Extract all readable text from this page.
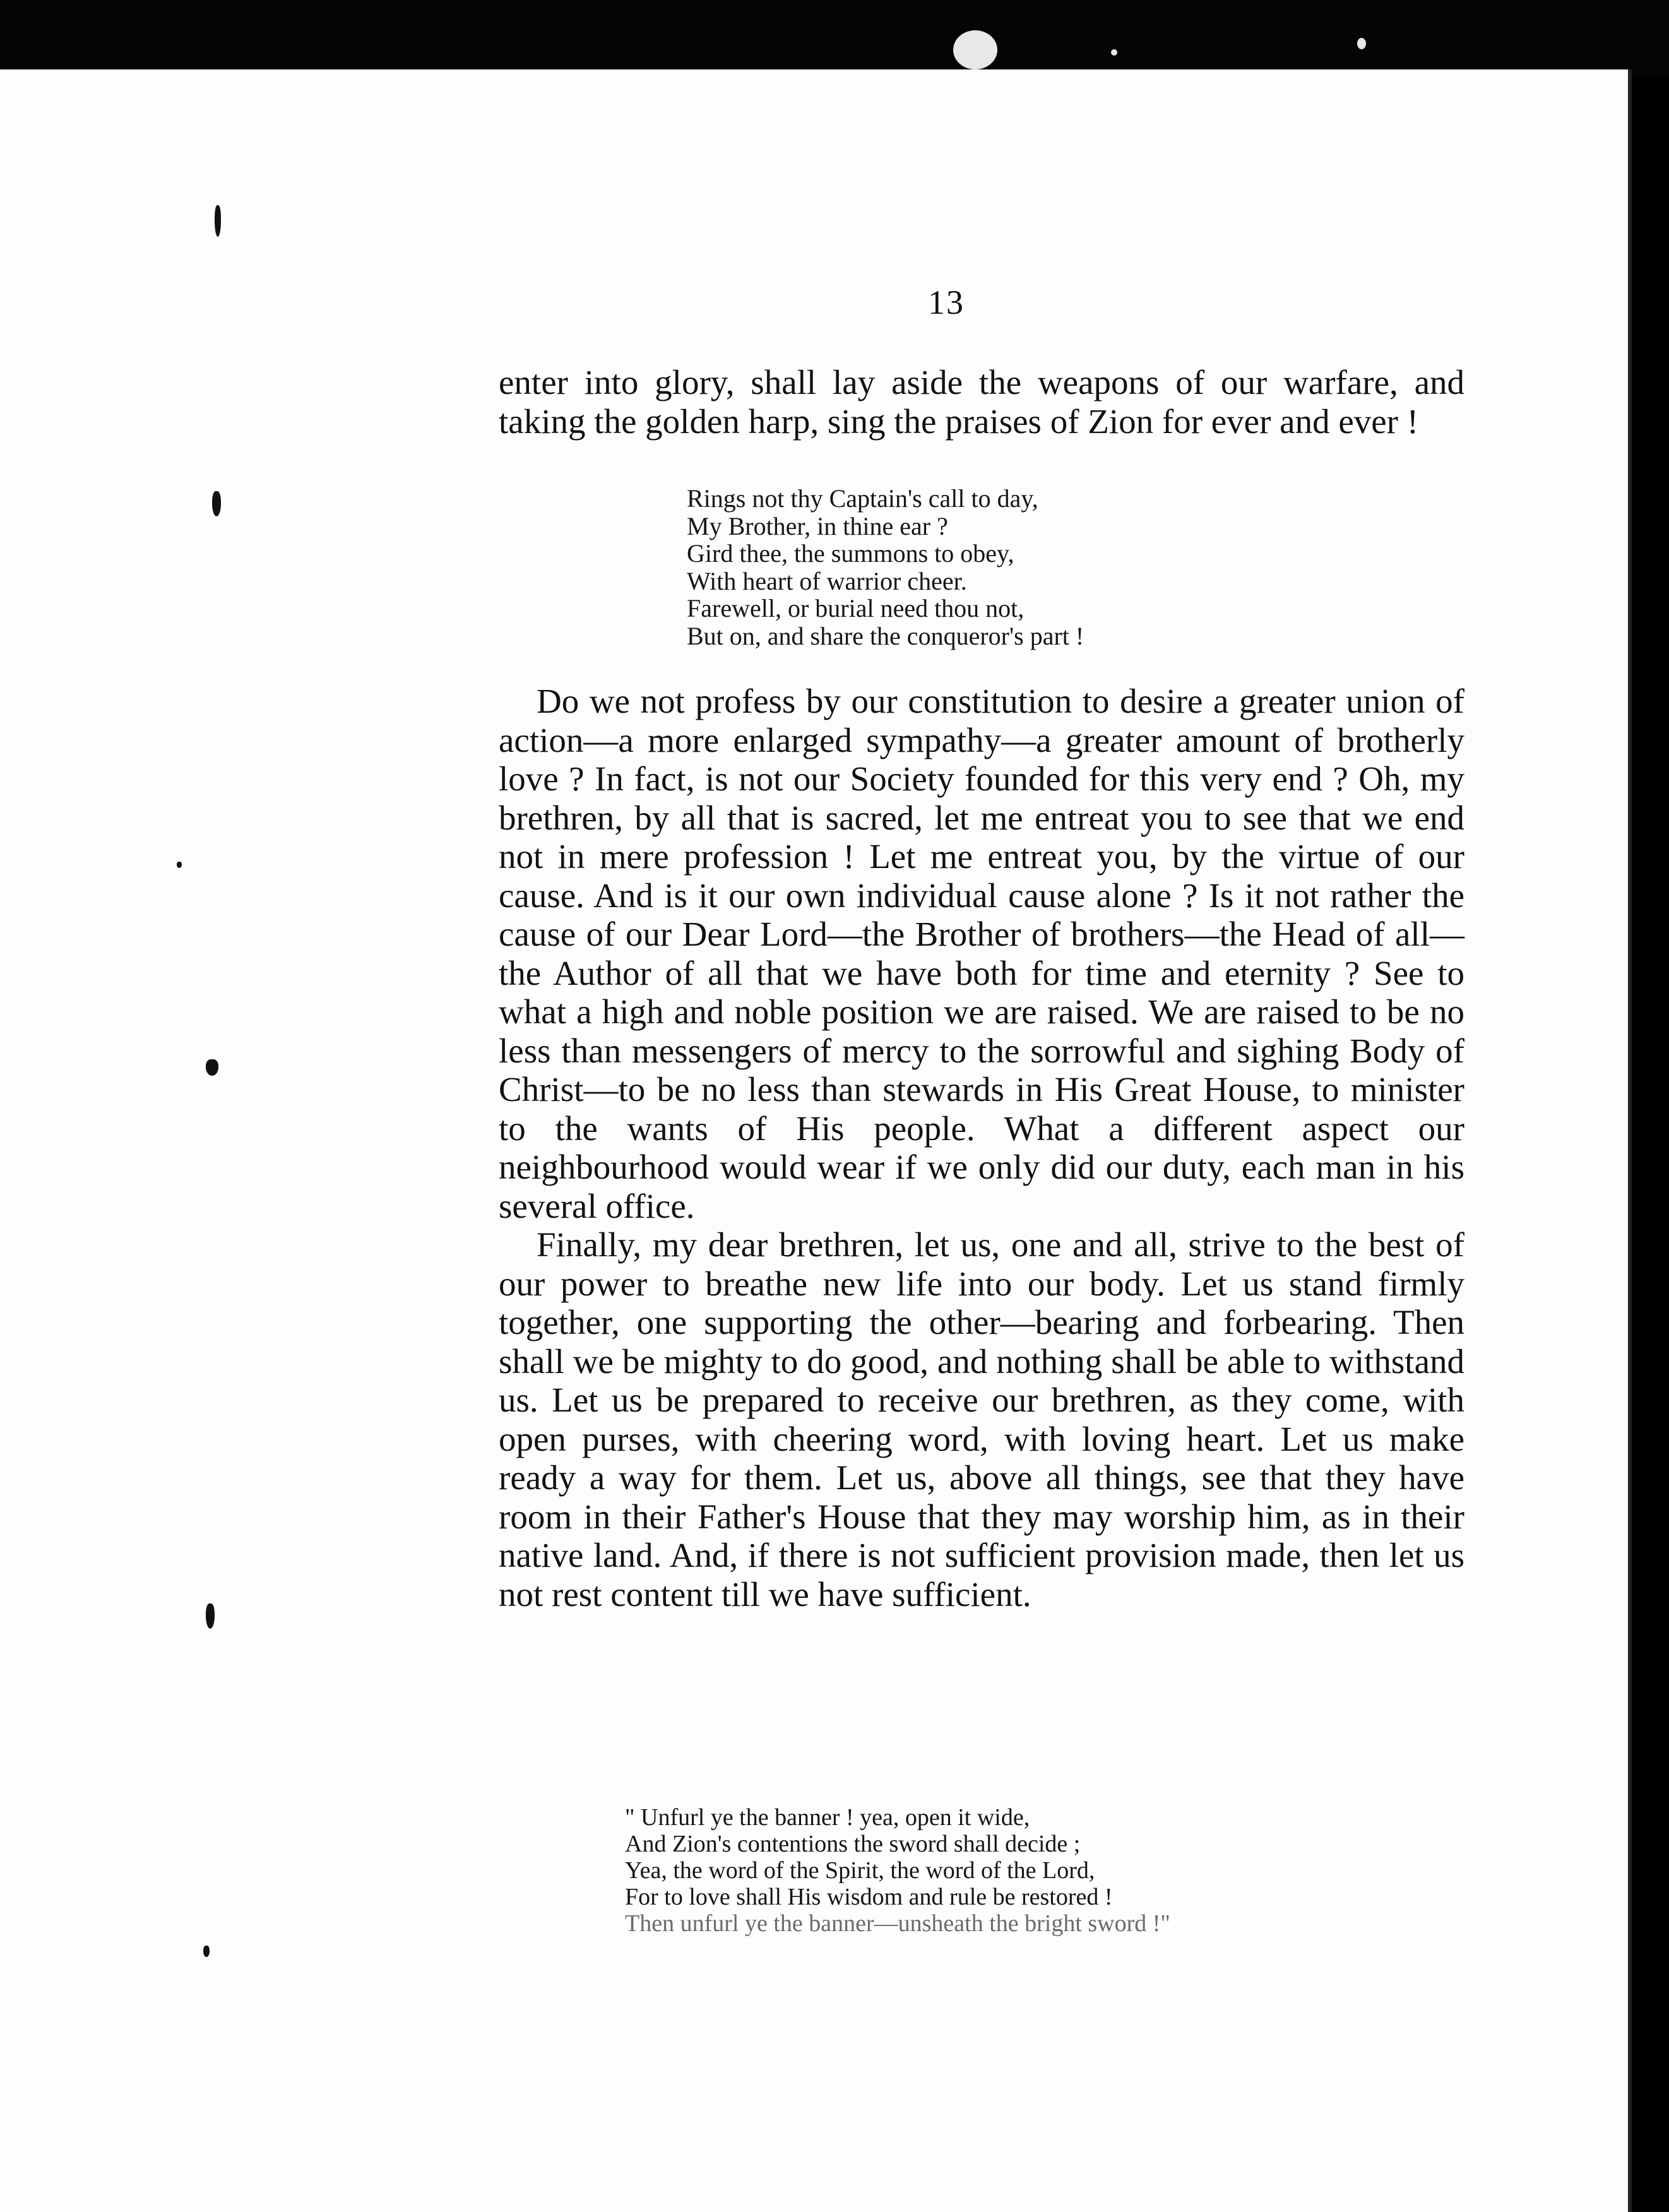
13

enter into glory, shall lay aside the weapons of our warfare, and taking the golden harp, sing the praises of Zion for ever and ever !

Rings not thy Captain's call to day,
My Brother, in thine ear ?
Gird thee, the summons to obey,
With heart of warrior cheer.
Farewell, or burial need thou not,
But on, and share the conqueror's part !

Do we not profess by our constitution to desire a greater union of action—a more enlarged sympathy—a greater amount of brotherly love ? In fact, is not our Society founded for this very end ? Oh, my brethren, by all that is sacred, let me entreat you to see that we end not in mere profession ! Let me entreat you, by the virtue of our cause. And is it our own individual cause alone ? Is it not rather the cause of our Dear Lord—the Brother of brothers—the Head of all—the Author of all that we have both for time and eternity ? See to what a high and noble position we are raised. We are raised to be no less than messengers of mercy to the sorrowful and sighing Body of Christ—to be no less than stewards in His Great House, to minister to the wants of His people. What a different aspect our neighbourhood would wear if we only did our duty, each man in his several office.

Finally, my dear brethren, let us, one and all, strive to the best of our power to breathe new life into our body. Let us stand firmly together, one supporting the other—bearing and forbearing. Then shall we be mighty to do good, and nothing shall be able to withstand us. Let us be prepared to receive our brethren, as they come, with open purses, with cheering word, with loving heart. Let us make ready a way for them. Let us, above all things, see that they have room in their Father's House that they may worship him, as in their native land. And, if there is not sufficient provision made, then let us not rest content till we have sufficient.

" Unfurl ye the banner ! yea, open it wide,
And Zion's contentions the sword shall decide ;
Yea, the word of the Spirit, the word of the Lord,
For to love shall His wisdom and rule be restored !
Then unfurl ye the banner—unsheath the bright sword !"
